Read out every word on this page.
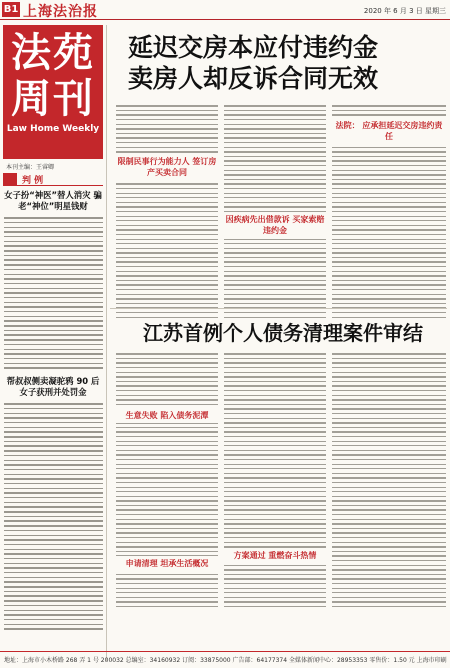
B1 上海法治报	2020 年 6 月 3 日 星期三
法苑
周刊
Law Home Weekly
本刊主编：王睿卿
判 例
女子扮“神医”替人消灾 骗老“神位”明星钱财
帮叔叔侧卖凝驼鸦 90 后女子获刑并处罚金
延迟交房本应付违约金
卖房人却反诉合同无效
限制民事行为能力人 签订房产买卖合同
因疾病先出借款诉 买家索赔违约金
法院： 应承担延迟交房违约责任
江苏首例个人债务清理案件审结
生意失败 陷入债务泥潭
申请清理 坦承生活概况
方案通过 重燃奋斗热情
地址：上海市小木桥路 268 弄 1 号 200032 总编室：34160932 订阅：33875000 广告部：64177374 全媒体新闻中心：28953353 零售价：1.50 元 上海市印刷
